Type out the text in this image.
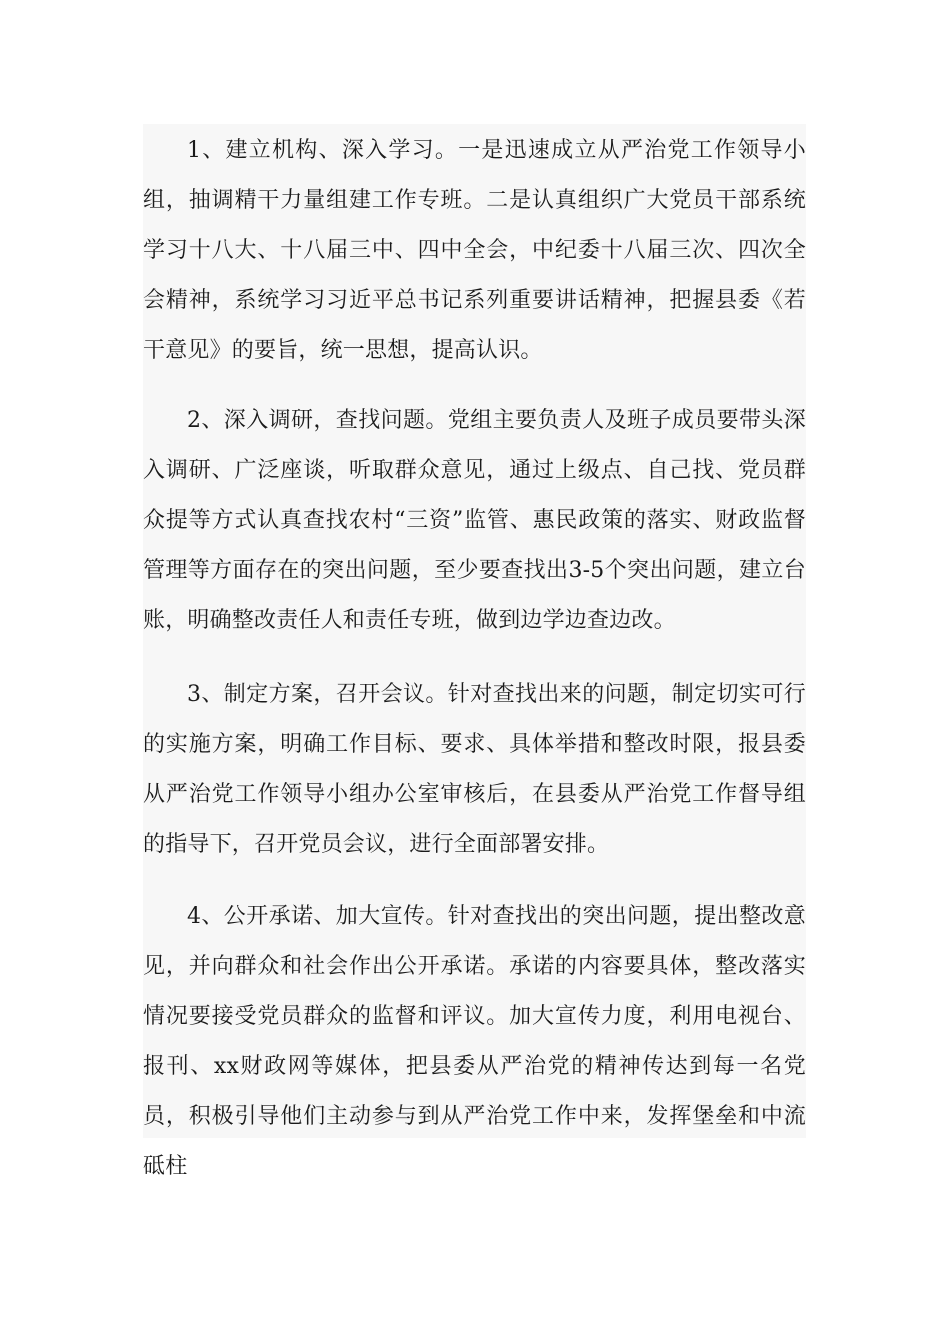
1、建立机构、深入学习。一是迅速成立从严治党工作领导小组，抽调精干力量组建工作专班。二是认真组织广大党员干部系统学习十八大、十八届三中、四中全会，中纪委十八届三次、四次全会精神，系统学习习近平总书记系列重要讲话精神，把握县委《若干意见》的要旨，统一思想，提高认识。

2、深入调研，查找问题。党组主要负责人及班子成员要带头深入调研、广泛座谈，听取群众意见，通过上级点、自己找、党员群众提等方式认真查找农村“三资”监管、惠民政策的落实、财政监督管理等方面存在的突出问题，至少要查找出3-5个突出问题，建立台账，明确整改责任人和责任专班，做到边学边查边改。

3、制定方案，召开会议。针对查找出来的问题，制定切实可行的实施方案，明确工作目标、要求、具体举措和整改时限，报县委从严治党工作领导小组办公室审核后，在县委从严治党工作督导组的指导下，召开党员会议，进行全面部署安排。

4、公开承诺、加大宣传。针对查找出的突出问题，提出整改意见，并向群众和社会作出公开承诺。承诺的内容要具体，整改落实情况要接受党员群众的监督和评议。加大宣传力度，利用电视台、报刊、xx财政网等媒体，把县委从严治党的精神传达到每一名党员，积极引导他们主动参与到从严治党工作中来，发挥堡垒和中流砥柱
